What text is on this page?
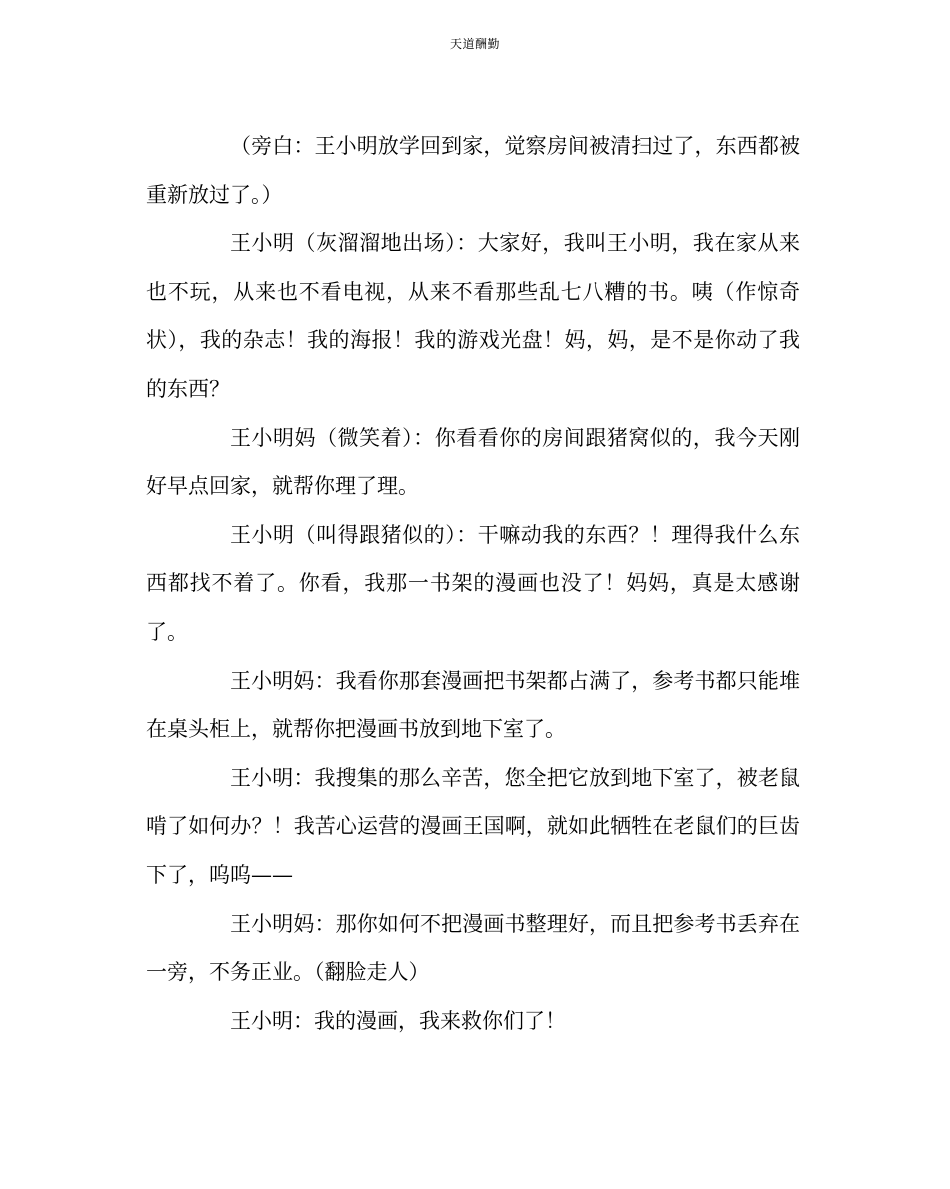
天道酬勤

（旁白：王小明放学回到家，觉察房间被清扫过了，东西都被重新放过了。）

王小明（灰溜溜地出场）：大家好，我叫王小明，我在家从来也不玩，从来也不看电视，从来不看那些乱七八糟的书。咦（作惊奇状），我的杂志！我的海报！我的游戏光盘！妈，妈，是不是你动了我的东西？

王小明妈（微笑着）：你看看你的房间跟猪窝似的，我今天刚好早点回家，就帮你理了理。

王小明（叫得跟猪似的）：干嘛动我的东西？！理得我什么东西都找不着了。你看，我那一书架的漫画也没了！妈妈，真是太感谢了。

王小明妈：我看你那套漫画把书架都占满了，参考书都只能堆在桌头柜上，就帮你把漫画书放到地下室了。

王小明：我搜集的那么辛苦，您全把它放到地下室了，被老鼠啃了如何办？！我苦心运营的漫画王国啊，就如此牺牲在老鼠们的巨齿下了，呜呜——

王小明妈：那你如何不把漫画书整理好，而且把参考书丢弃在一旁，不务正业。（翻脸走人）

王小明：我的漫画，我来救你们了！
